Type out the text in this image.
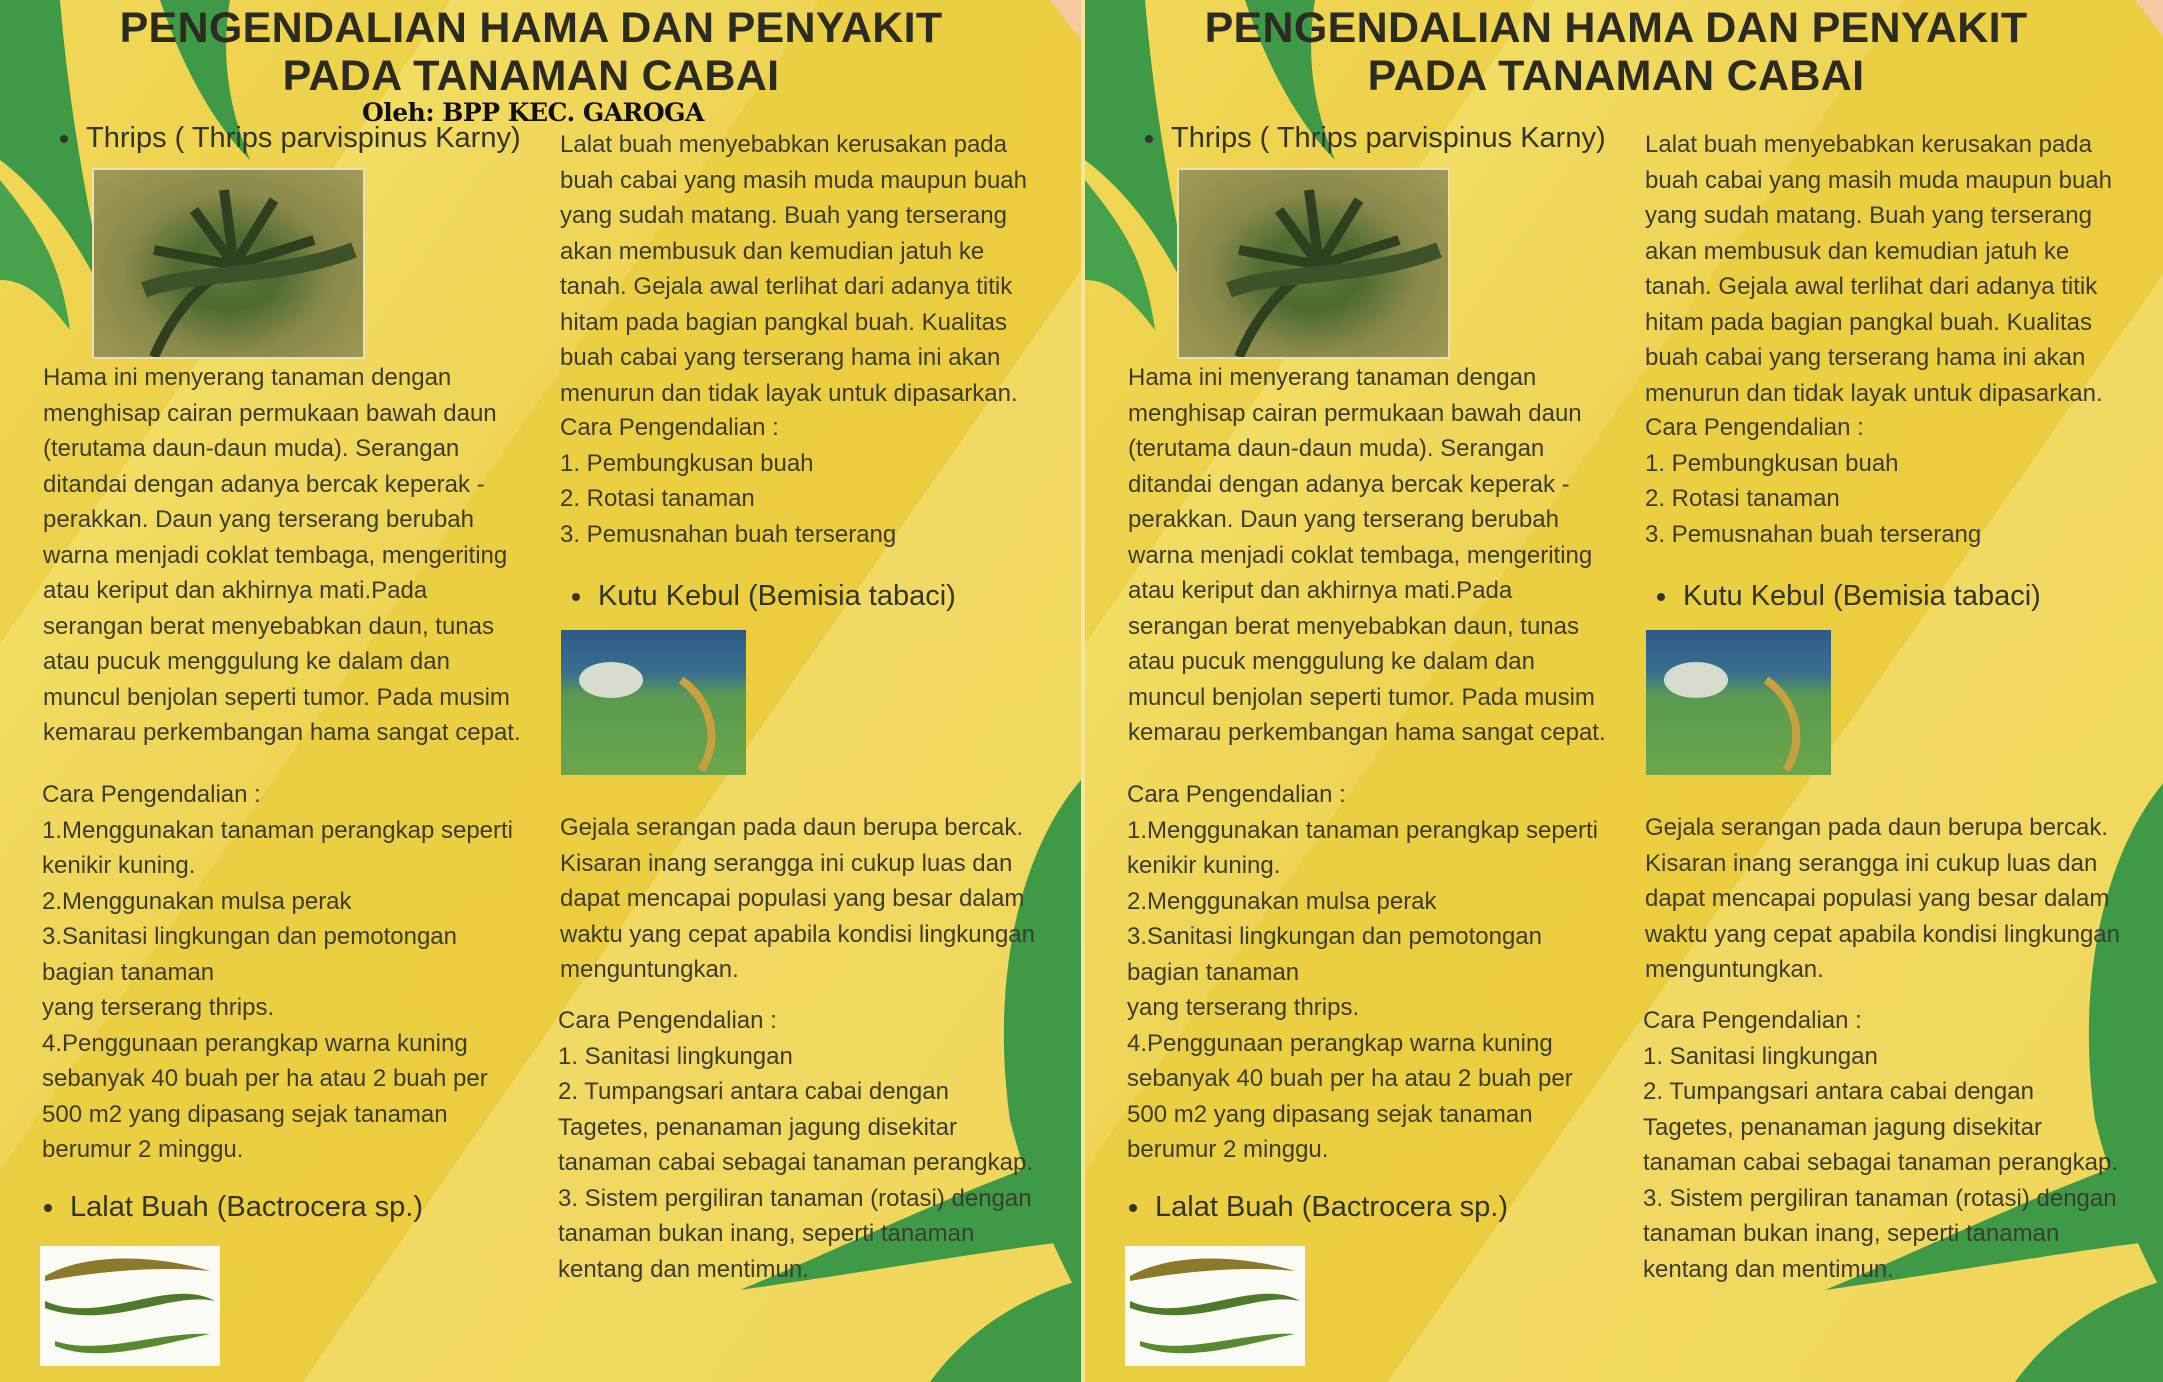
PENGENDALIAN HAMA DAN PENYAKIT
PADA TANAMAN CABAI
Oleh: BPP KEC. GAROGA
Thrips ( Thrips parvispinus Karny)
Hama ini menyerang tanaman dengan
menghisap cairan permukaan bawah daun
(terutama daun-daun muda). Serangan
ditandai dengan adanya bercak keperak -
perakkan. Daun yang terserang berubah
warna menjadi coklat tembaga, mengeriting
atau keriput dan akhirnya mati.Pada
serangan berat menyebabkan daun, tunas
atau pucuk menggulung ke dalam dan
muncul benjolan seperti tumor. Pada musim
kemarau perkembangan hama sangat cepat.
Cara Pengendalian :
1.Menggunakan tanaman perangkap seperti
kenikir kuning.
2.Menggunakan mulsa perak
3.Sanitasi lingkungan dan pemotongan
bagian tanaman
yang terserang thrips.
4.Penggunaan perangkap warna kuning
sebanyak 40 buah per ha atau 2 buah per
500 m2 yang dipasang sejak tanaman
berumur 2 minggu.
Lalat Buah (Bactrocera sp.)
Lalat buah menyebabkan kerusakan pada
buah cabai yang masih muda maupun buah
yang sudah matang. Buah yang terserang
akan membusuk dan kemudian jatuh ke
tanah. Gejala awal terlihat dari adanya titik
hitam pada bagian pangkal buah. Kualitas
buah cabai yang terserang hama ini akan
menurun dan tidak layak untuk dipasarkan.
Cara Pengendalian :
1. Pembungkusan buah
2. Rotasi tanaman
3. Pemusnahan buah terserang
Kutu Kebul (Bemisia tabaci)
Gejala serangan pada daun berupa bercak.
Kisaran inang serangga ini cukup luas dan
dapat mencapai populasi yang besar dalam
waktu yang cepat apabila kondisi lingkungan
menguntungkan.
Cara Pengendalian :
1. Sanitasi lingkungan
2. Tumpangsari antara cabai dengan
Tagetes, penanaman jagung disekitar
tanaman cabai sebagai tanaman perangkap.
3. Sistem pergiliran tanaman (rotasi) dengan
tanaman bukan inang, seperti tanaman
kentang dan mentimun.
PENGENDALIAN HAMA DAN PENYAKIT
PADA TANAMAN CABAI
Thrips ( Thrips parvispinus Karny)
Hama ini menyerang tanaman dengan
menghisap cairan permukaan bawah daun
(terutama daun-daun muda). Serangan
ditandai dengan adanya bercak keperak -
perakkan. Daun yang terserang berubah
warna menjadi coklat tembaga, mengeriting
atau keriput dan akhirnya mati.Pada
serangan berat menyebabkan daun, tunas
atau pucuk menggulung ke dalam dan
muncul benjolan seperti tumor. Pada musim
kemarau perkembangan hama sangat cepat.
Cara Pengendalian :
1.Menggunakan tanaman perangkap seperti
kenikir kuning.
2.Menggunakan mulsa perak
3.Sanitasi lingkungan dan pemotongan
bagian tanaman
yang terserang thrips.
4.Penggunaan perangkap warna kuning
sebanyak 40 buah per ha atau 2 buah per
500 m2 yang dipasang sejak tanaman
berumur 2 minggu.
Lalat Buah (Bactrocera sp.)
Lalat buah menyebabkan kerusakan pada
buah cabai yang masih muda maupun buah
yang sudah matang. Buah yang terserang
akan membusuk dan kemudian jatuh ke
tanah. Gejala awal terlihat dari adanya titik
hitam pada bagian pangkal buah. Kualitas
buah cabai yang terserang hama ini akan
menurun dan tidak layak untuk dipasarkan.
Cara Pengendalian :
1. Pembungkusan buah
2. Rotasi tanaman
3. Pemusnahan buah terserang
Kutu Kebul (Bemisia tabaci)
Gejala serangan pada daun berupa bercak.
Kisaran inang serangga ini cukup luas dan
dapat mencapai populasi yang besar dalam
waktu yang cepat apabila kondisi lingkungan
menguntungkan.
Cara Pengendalian :
1. Sanitasi lingkungan
2. Tumpangsari antara cabai dengan
Tagetes, penanaman jagung disekitar
tanaman cabai sebagai tanaman perangkap.
3. Sistem pergiliran tanaman (rotasi) dengan
tanaman bukan inang, seperti tanaman
kentang dan mentimun.
